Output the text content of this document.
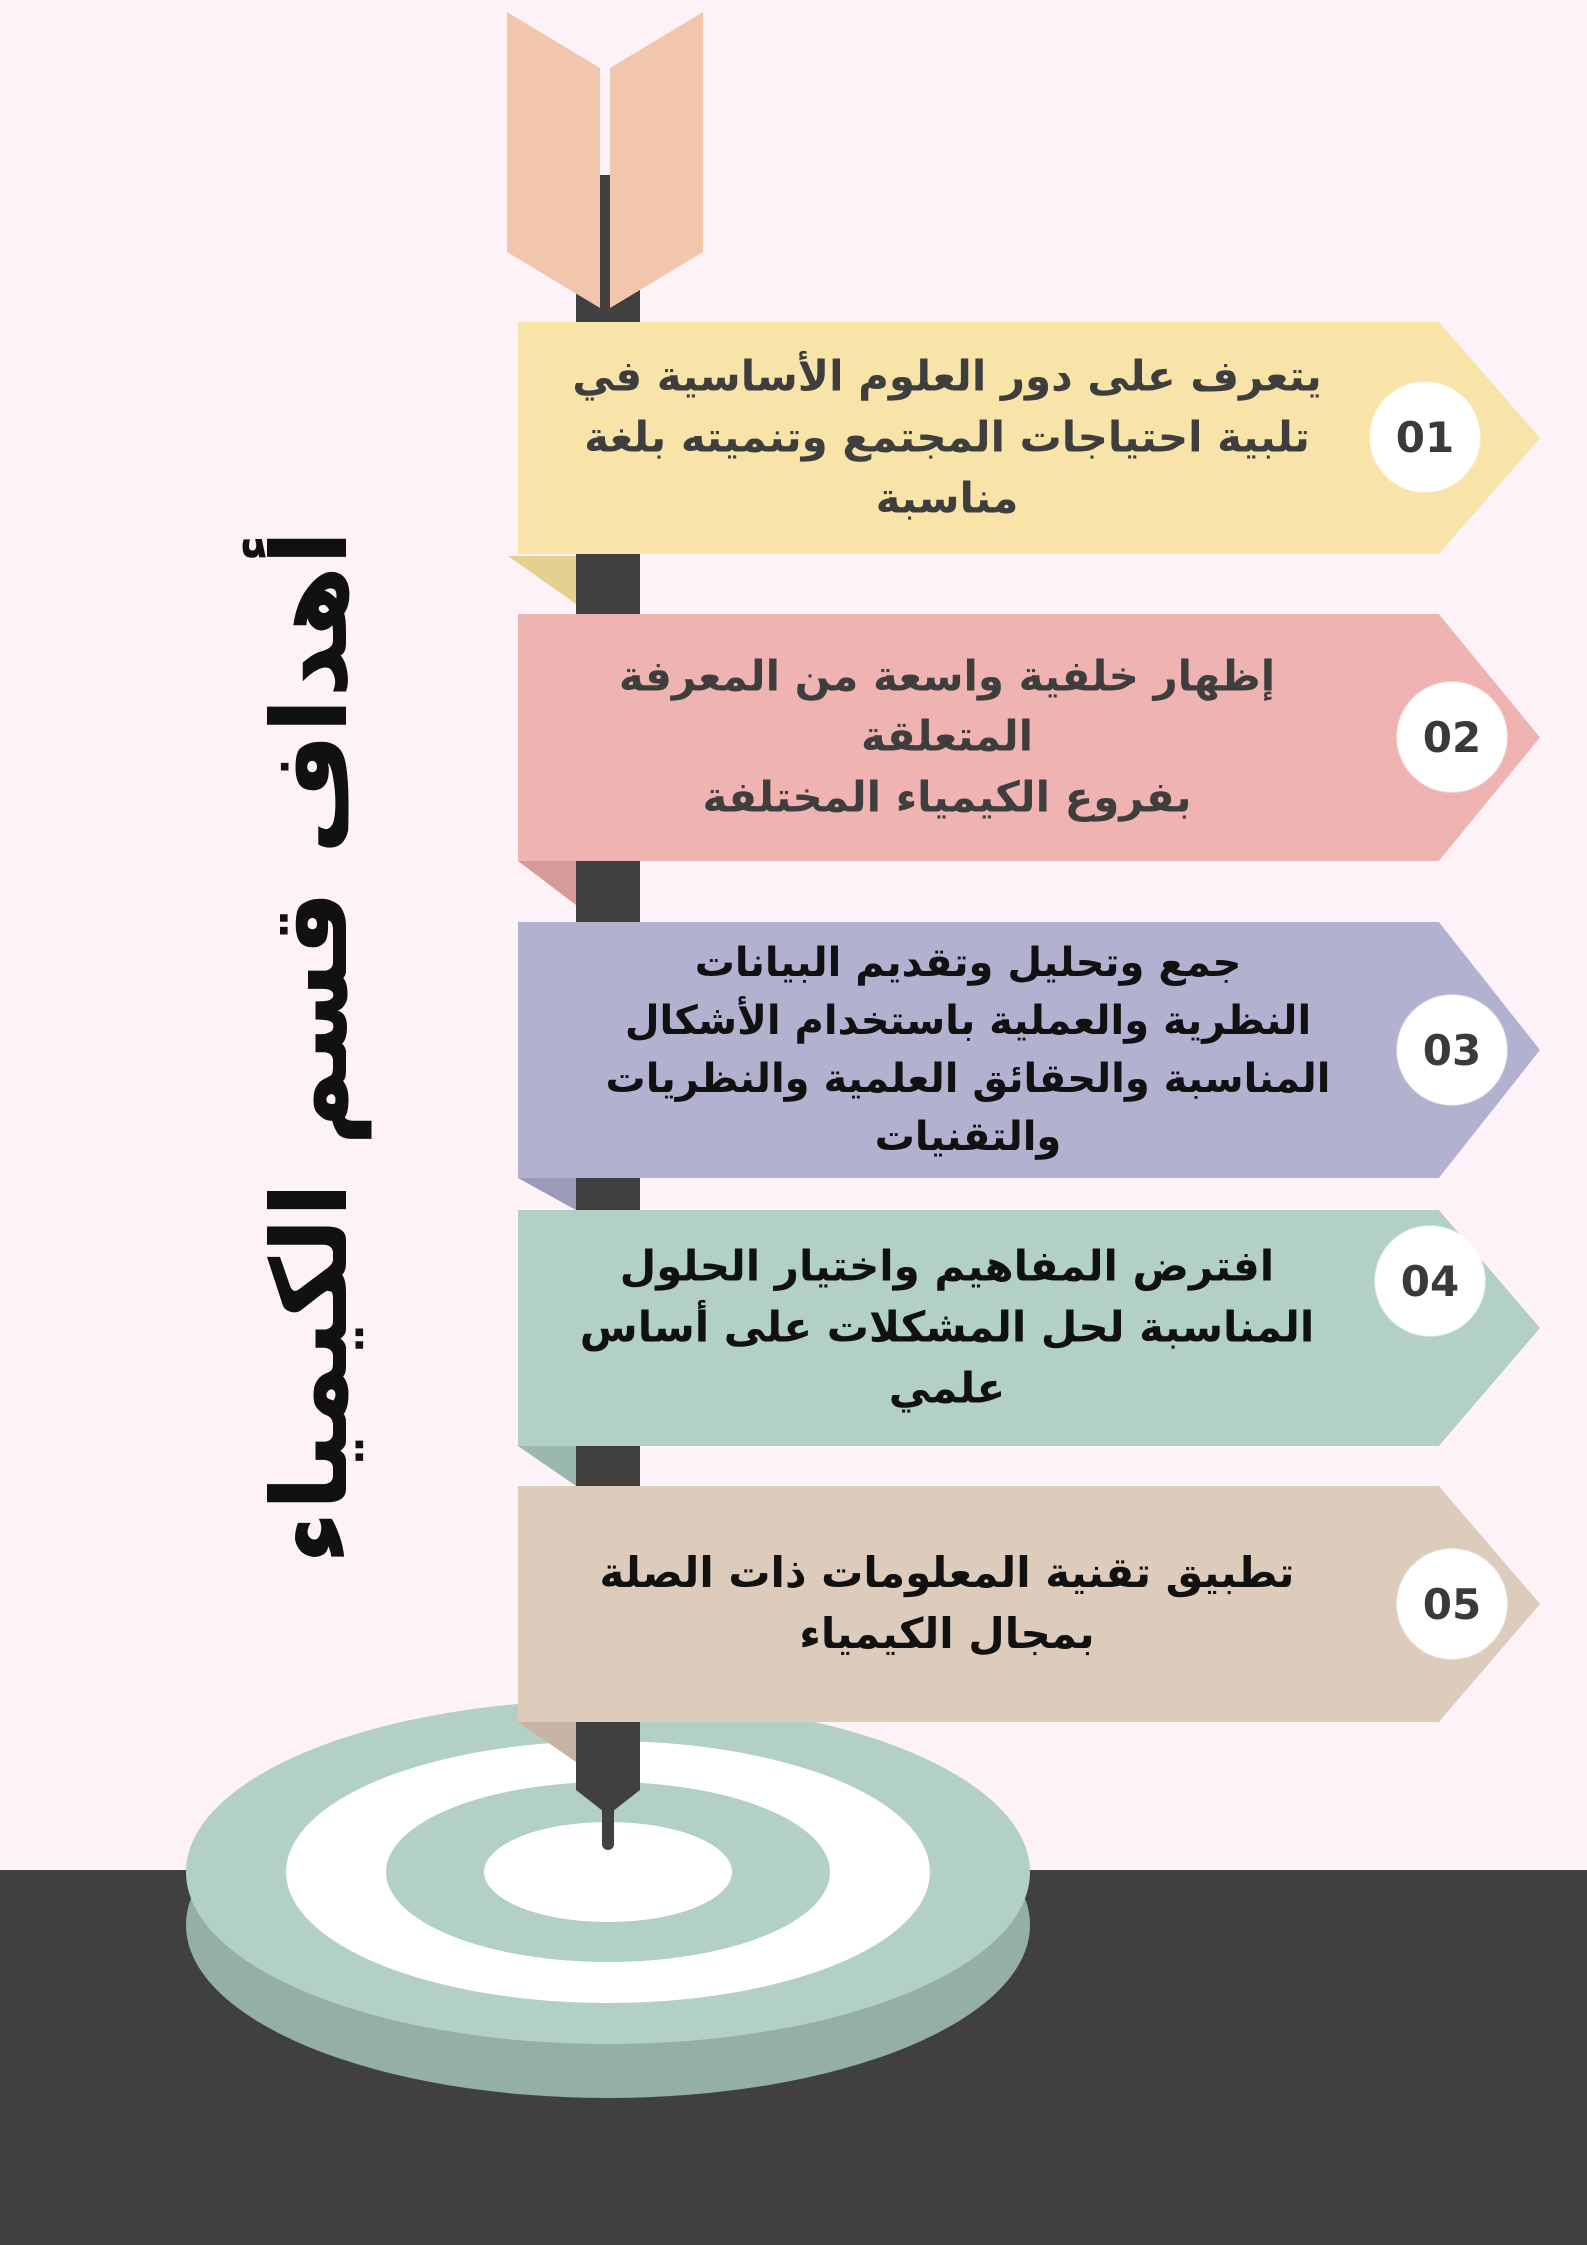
أهداف قسم الكيمياء
يتعرف على دور العلوم الأساسية في
تلبية احتياجات المجتمع وتنميته بلغة
مناسبة
01
إظهار خلفية واسعة من المعرفة المتعلقة
بفروع الكيمياء المختلفة
02
جمع وتحليل وتقديم البيانات
النظرية والعملية باستخدام الأشكال
المناسبة والحقائق العلمية والنظريات والتقنيات
03
افترض المفاهيم واختيار الحلول
المناسبة لحل المشكلات على أساس علمي
04
تطبيق تقنية المعلومات ذات الصلة
بمجال الكيمياء
05
